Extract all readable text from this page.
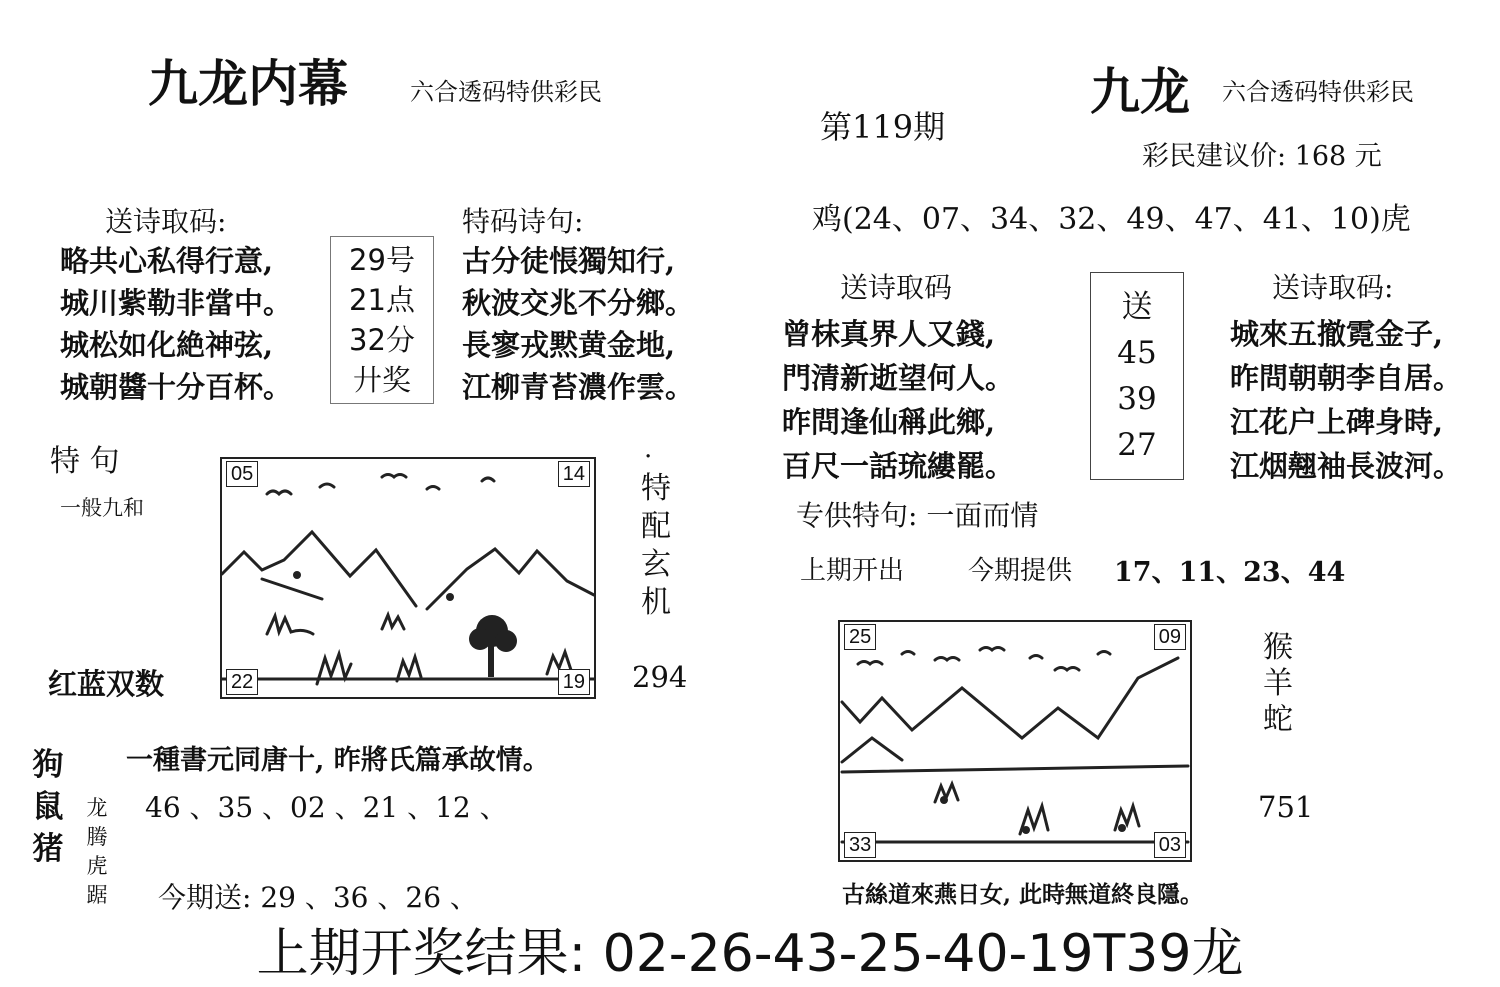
九龙内幕	六合透码特供彩民
送诗取码:
略共心私得行意,
城川紫勒非當中。
城松如化絶神弦,
城朝醬十分百杯。
29号
21点
32分
廾奖
特码诗句:
古分徒悵獨知行,
秋波交兆不分鄉。
長寥戎黙黄金地,
江柳青苔濃作雲。
特 句
一般九和
红蓝双数
05	14
22	19
.
特
配
玄
机
294
一種書元同唐十, 昨將氏篇承故情。
狗
鼠
猪
龙
腾
虎
踞
46 、35 、02 、21 、12 、
今期送: 29 、36 、26 、
第119期
九龙 六合透码特供彩民
彩民建议价: 168 元
鸡(24、07、34、32、49、47、41、10)虎
送诗取码
曾枺真界人又錢,
門清新逝望何人。
昨問逢仙稱此鄉,
百尺一話琉縷罷。
送
45
39
27
送诗取码:
城來五撤霓金子,
昨問朝朝李自居。
江花户上碑身時,
江烟翹袖長波河。
专供特句: 一面而情
上期开出 今期提供 17、11、23、44
25	09
33	03
猴
羊
蛇
751
古絲道來燕日女, 此時無道終良隱。
上期开奖结果: 02-26-43-25-40-19T39龙
